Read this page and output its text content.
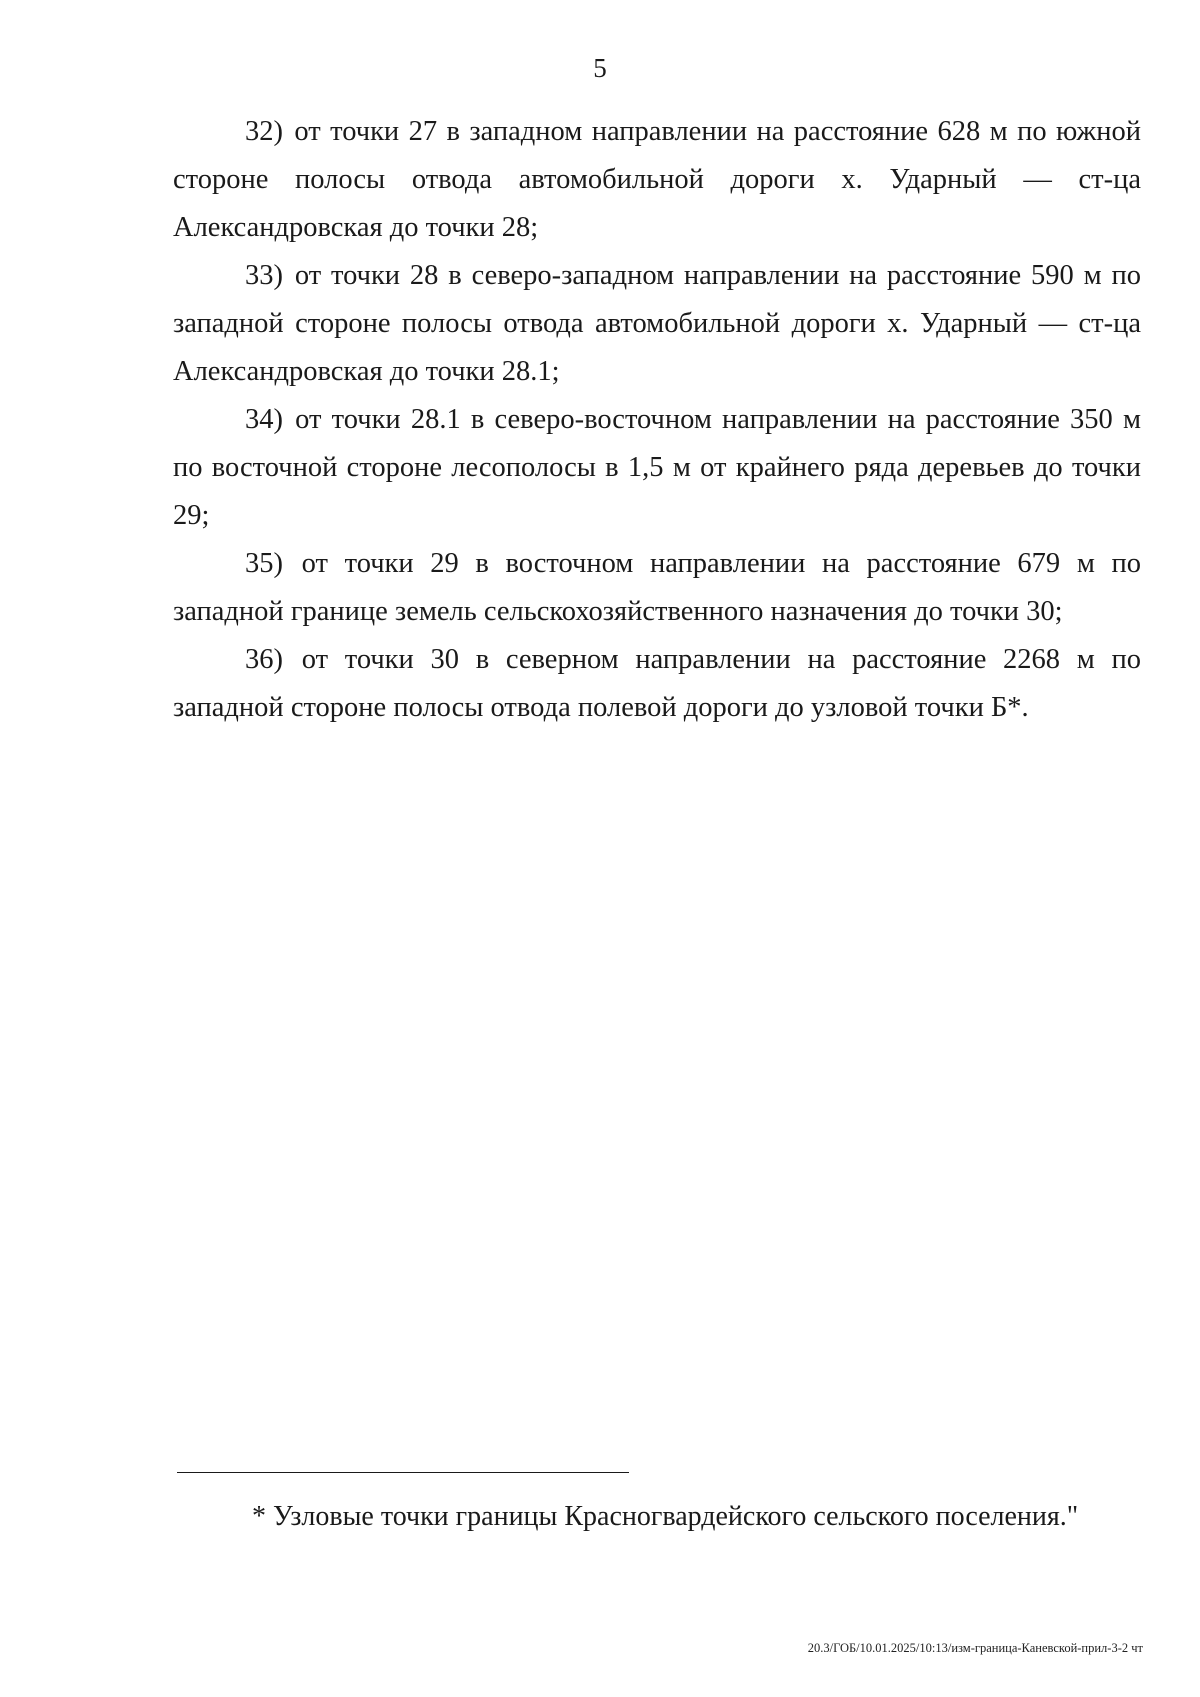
5

32) от точки 27 в западном направлении на расстояние 628 м по южной стороне полосы отвода автомобильной дороги х. Ударный — ст-ца Александровская до точки 28;

33) от точки 28 в северо-западном направлении на расстояние 590 м по западной стороне полосы отвода автомобильной дороги х. Ударный — ст-ца Александровская до точки 28.1;

34) от точки 28.1 в северо-восточном направлении на расстояние 350 м по восточной стороне лесополосы в 1,5 м от крайнего ряда деревьев до точки 29;

35) от точки 29 в восточном направлении на расстояние 679 м по западной границе земель сельскохозяйственного назначения до точки 30;

36) от точки 30 в северном направлении на расстояние 2268 м по западной стороне полосы отвода полевой дороги до узловой точки Б*.

* Узловые точки границы Красногвардейского сельского поселения."
20.3/ГОБ/10.01.2025/10:13/изм-граница-Каневской-прил-3-2 чт
